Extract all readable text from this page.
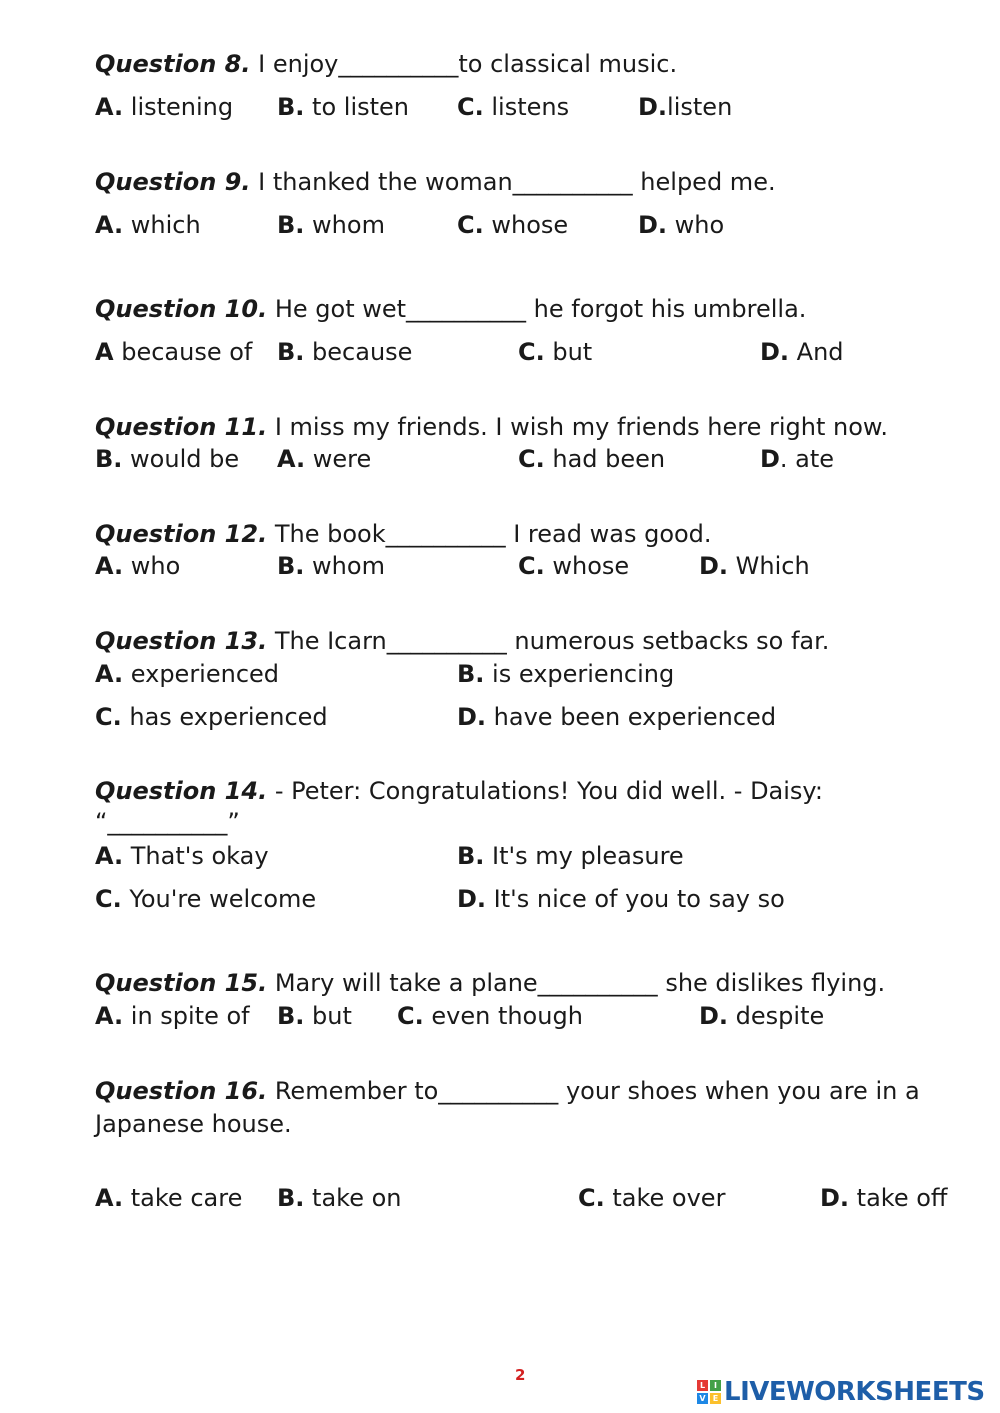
Question 8. I enjoy__________to classical music.
A. listening B. to listen C. listens	D.listen
Question 9. I thanked the woman__________ helped me.
A. which	B. whom	C. whose	D. who
Question 10. He got wet__________ he forgot his umbrella.
A because of B. because	C. but	D. And
Question 11. I miss my friends. I wish my friends here right now.
B. would be A. were	C. had been	D. ate
Question 12. The book__________ I read was good.
A. who	B. whom	C. whose	D. Which
Question 13. The Icarn__________ numerous setbacks so far.
A. experienced	B. is experiencing
C. has experienced	D. have been experienced
Question 14. - Peter: Congratulations! You did well. - Daisy:
“__________”
A. That's okay	B. It's my pleasure
C. You're welcome	D. It's nice of you to say so
Question 15. Mary will take a plane__________ she dislikes flying.
A. in spite of B. but C. even though	D. despite
Question 16. Remember to__________ your shoes when you are in a
Japanese house.
A. take care B. take on	C. take over	D. take off
2
L	I
V E LIVEWORKSHEETS
